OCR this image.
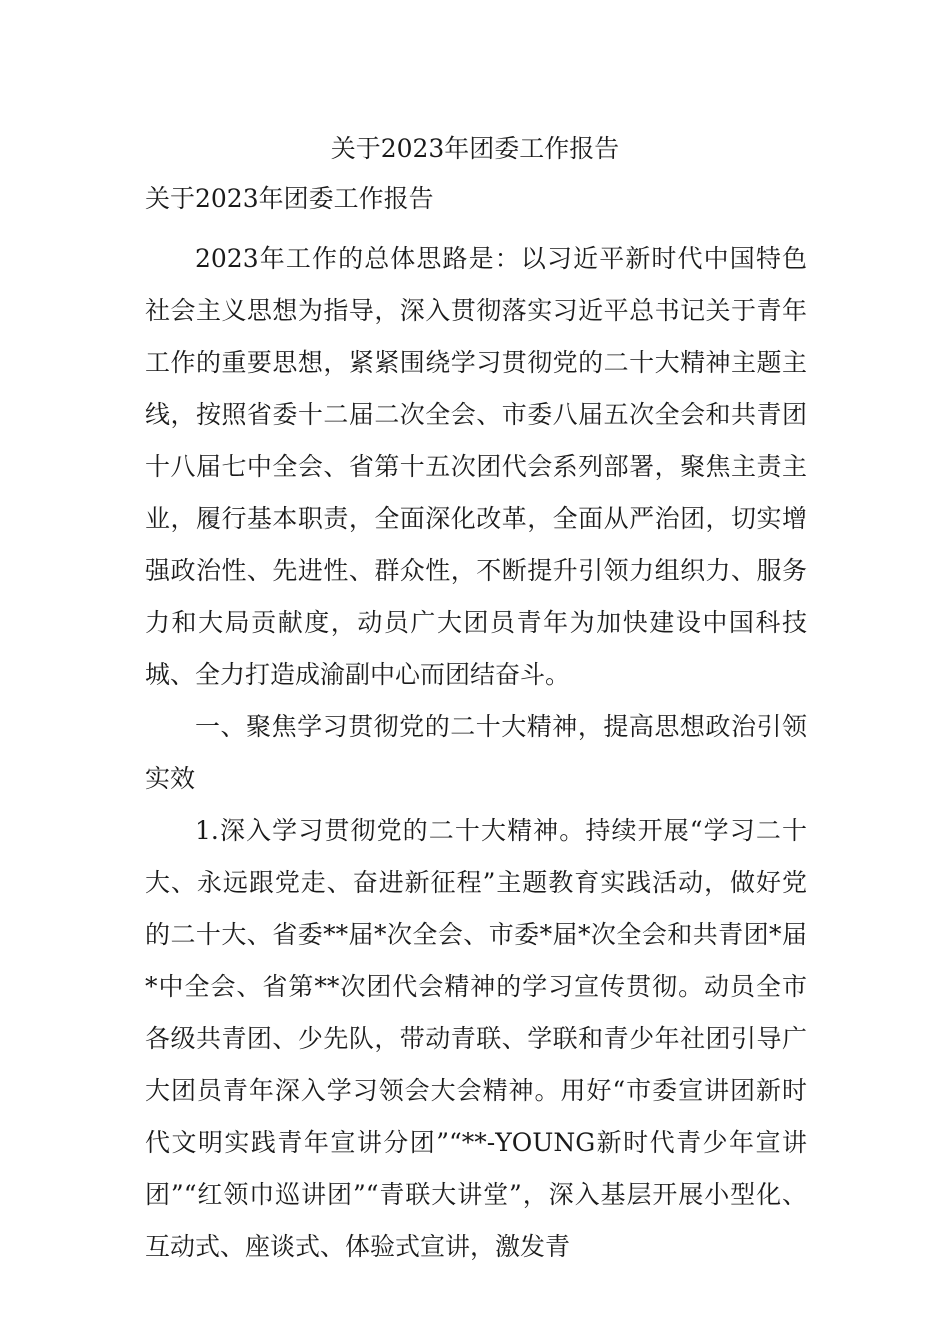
关于2023年团委工作报告
关于2023年团委工作报告

2023年工作的总体思路是：以习近平新时代中国特色社会主义思想为指导，深入贯彻落实习近平总书记关于青年工作的重要思想，紧紧围绕学习贯彻党的二十大精神主题主线，按照省委十二届二次全会、市委八届五次全会和共青团十八届七中全会、省第十五次团代会系列部署，聚焦主责主业，履行基本职责，全面深化改革，全面从严治团，切实增强政治性、先进性、群众性，不断提升引领力组织力、服务力和大局贡献度，动员广大团员青年为加快建设中国科技城、全力打造成渝副中心而团结奋斗。

一、聚焦学习贯彻党的二十大精神，提高思想政治引领实效

1.深入学习贯彻党的二十大精神。持续开展“学习二十大、永远跟党走、奋进新征程”主题教育实践活动，做好党的二十大、省委**届*次全会、市委*届*次全会和共青团*届*中全会、省第**次团代会精神的学习宣传贯彻。动员全市各级共青团、少先队，带动青联、学联和青少年社团引导广大团员青年深入学习领会大会精神。用好“市委宣讲团新时代文明实践青年宣讲分团”“**-YOUNG新时代青少年宣讲团”“红领巾巡讲团”“青联大讲堂”，深入基层开展小型化、互动式、座谈式、体验式宣讲，激发青
